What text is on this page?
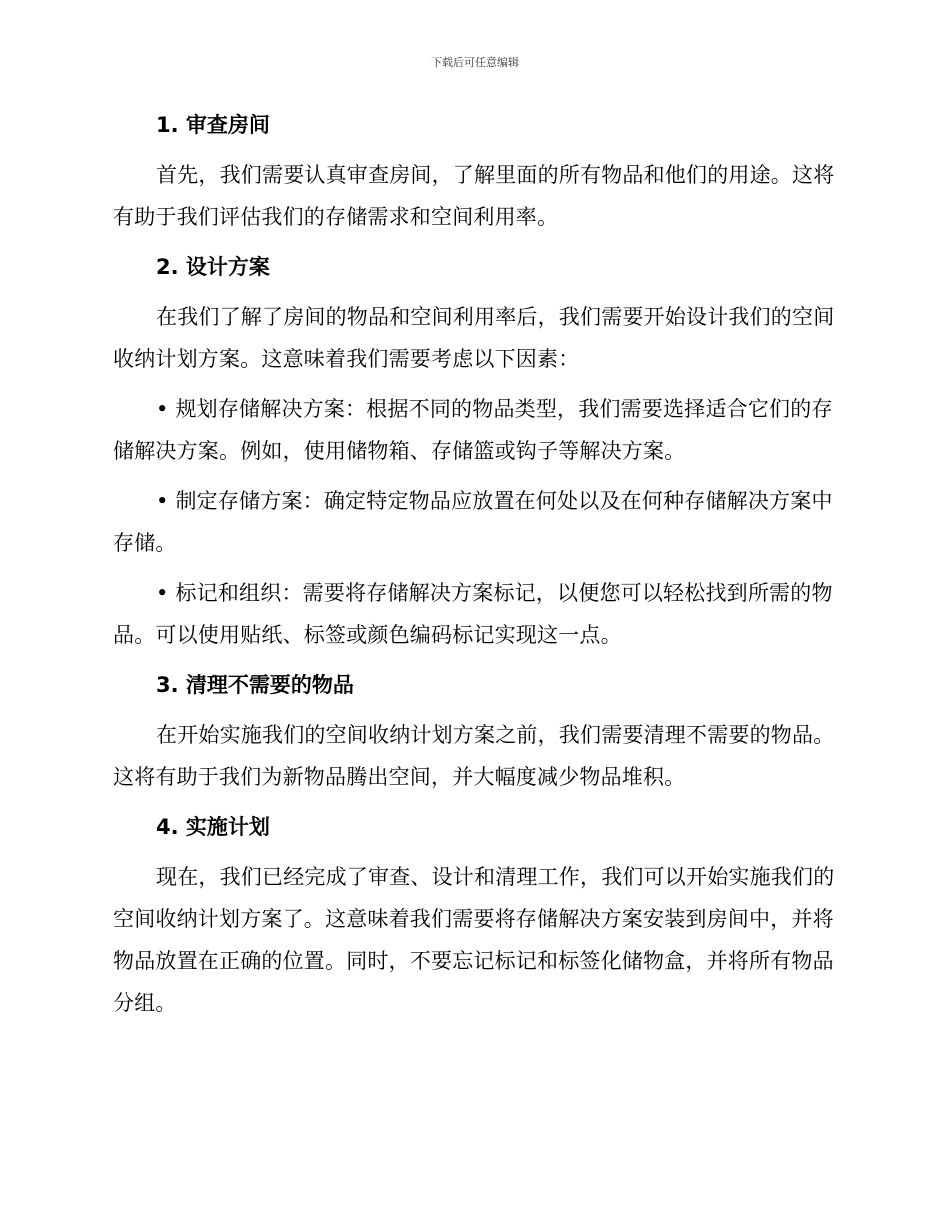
下载后可任意编辑
1. 审查房间

首先，我们需要认真审查房间，了解里面的所有物品和他们的用途。这将有助于我们评估我们的存储需求和空间利用率。

2. 设计方案

在我们了解了房间的物品和空间利用率后，我们需要开始设计我们的空间收纳计划方案。这意味着我们需要考虑以下因素：

• 规划存储解决方案：根据不同的物品类型，我们需要选择适合它们的存储解决方案。例如，使用储物箱、存储篮或钩子等解决方案。

• 制定存储方案：确定特定物品应放置在何处以及在何种存储解决方案中存储。

• 标记和组织：需要将存储解决方案标记，以便您可以轻松找到所需的物品。可以使用贴纸、标签或颜色编码标记实现这一点。

3. 清理不需要的物品

在开始实施我们的空间收纳计划方案之前，我们需要清理不需要的物品。这将有助于我们为新物品腾出空间，并大幅度减少物品堆积。

4. 实施计划

现在，我们已经完成了审查、设计和清理工作，我们可以开始实施我们的空间收纳计划方案了。这意味着我们需要将存储解决方案安装到房间中，并将物品放置在正确的位置。同时，不要忘记标记和标签化储物盒，并将所有物品分组。
